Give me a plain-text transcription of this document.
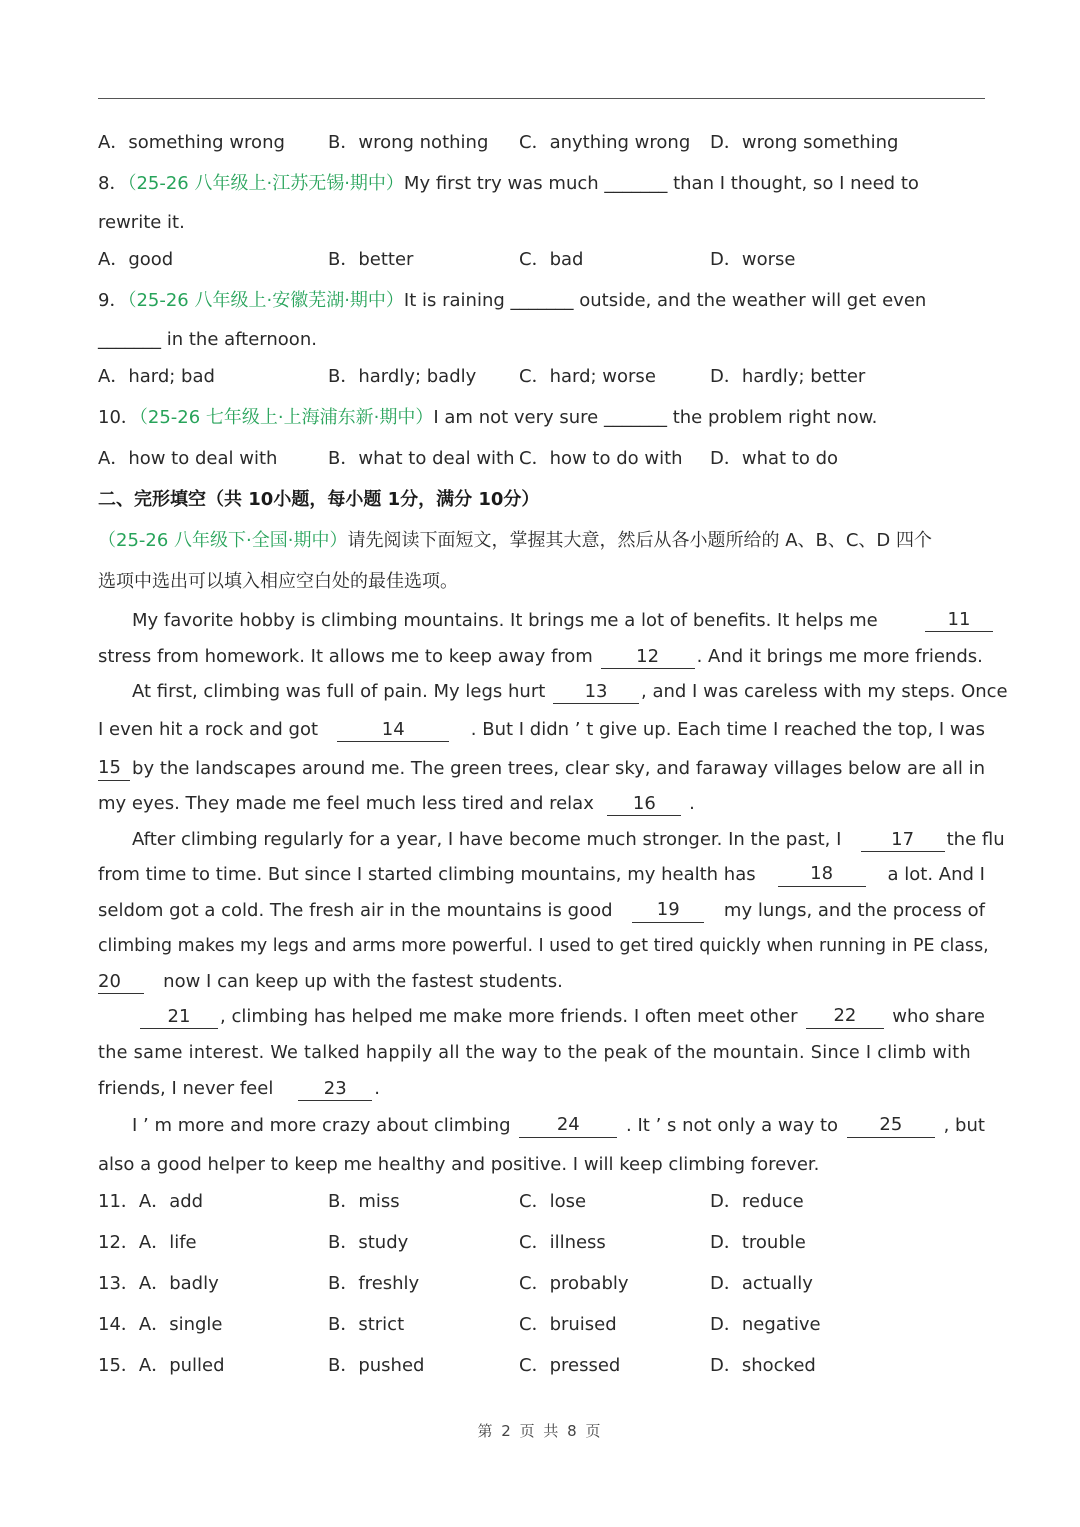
A．something wrong B．wrong nothing C．anything wrong D．wrong something
8．（25-26 八年级上·江苏无锡·期中）My first try was much _______ than I thought, so I need to
rewrite it.
A．good	B．better	C．bad	D．worse
9．（25-26 八年级上·安徽芜湖·期中）It is raining _______ outside, and the weather will get even
_______ in the afternoon.
A．hard; bad	B．hardly; badly C．hard; worse	D．hardly; better
10．（25-26 七年级上·上海浦东新·期中）I am not very sure _______ the problem right now.
A．how to deal with	B．what to deal with C．how to do with D．what to do
二、完形填空（共 10小题，每小题 1分，满分 10分）
（25-26 八年级下·全国·期中）请先阅读下面短文，掌握其大意，然后从各小题所给的 A、B、C、D 四个
选项中选出可以填入相应空白处的最佳选项。
My favorite hobby is climbing mountains. It brings me a lot of benefits. It helps me	11
stress from homework. It allows me to keep away from 12 . And it brings me more friends.
At first, climbing was full of pain. My legs hurt 13	, and I was careless with my steps. Once
I even hit a rock and got	14	. But I didn ’ t give up. Each time I reached the top, I was
15 by the landscapes around me. The green trees, clear sky, and faraway villages below are all in
my eyes. They made me feel much less tired and relax 16 .
After climbing regularly for a year, I have become much stronger. In the past, I	17	the flu
from time to time. But since I started climbing mountains, my health has	18	a lot. And I
seldom got a cold. The fresh air in the mountains is good	19	my lungs, and the process of
climbing makes my legs and arms more powerful. I used to get tired quickly when running in PE class,
20 now I can keep up with the fastest students.
21 , climbing has helped me make more friends. I often meet other	22	who share
the same interest. We talked happily all the way to the peak of the mountain. Since I climb with
friends, I never feel	23 .
I ’ m more and more crazy about climbing	24	. It ’ s not only a way to	25	, but
also a good helper to keep me healthy and positive. I will keep climbing forever.
11．A．add	B．miss	C．lose	D．reduce
12．A．life	B．study	C．illness	D．trouble
13．A．badly	B．freshly	C．probably	D．actually
14．A．single	B．strict	C．bruised	D．negative
15．A．pulled	B．pushed	C．pressed	D．shocked
第 2 页 共 8 页
